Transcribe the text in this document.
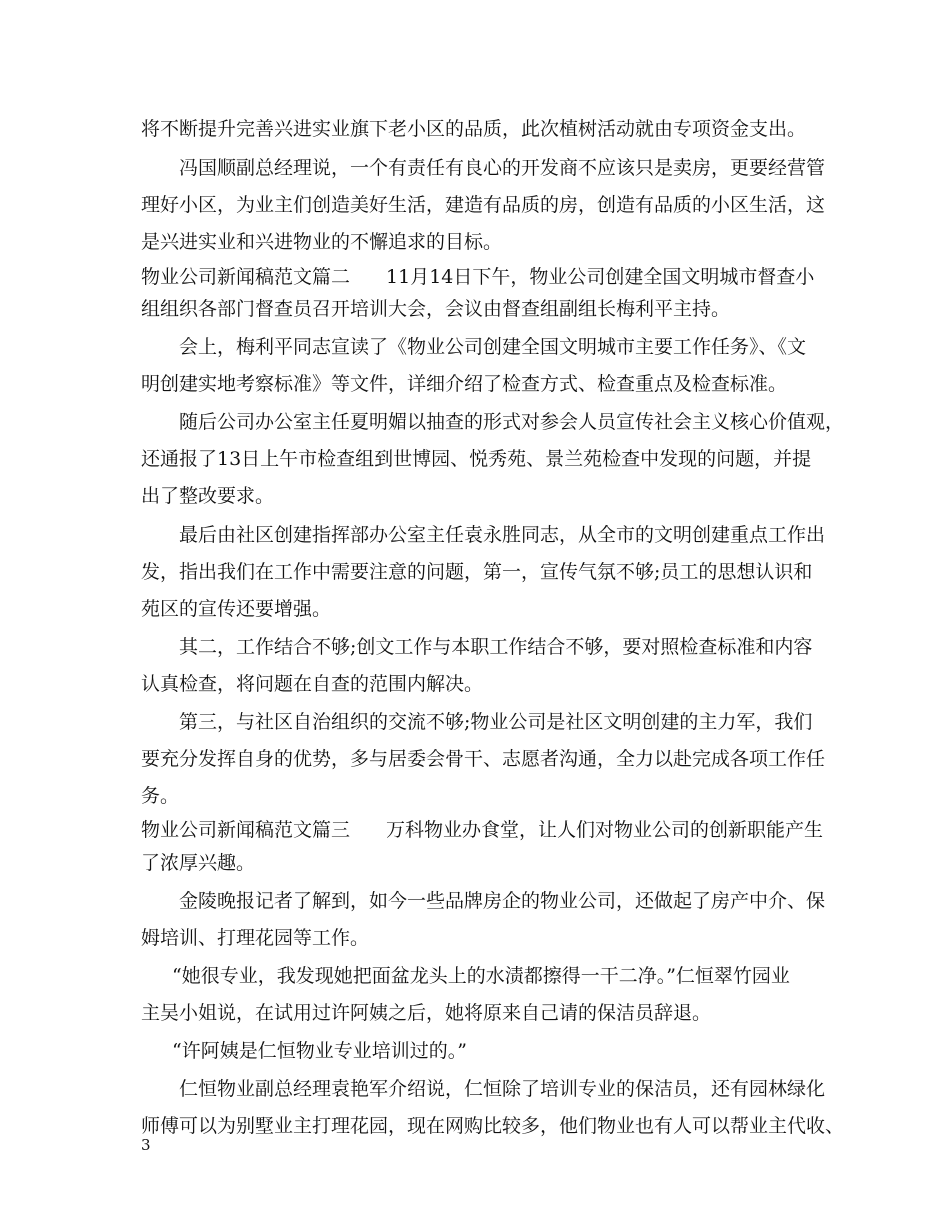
将不断提升完善兴进实业旗下老小区的品质，此次植树活动就由专项资金支出。
冯国顺副总经理说，一个有责任有良心的开发商不应该只是卖房，更要经营管
理好小区，为业主们创造美好生活，建造有品质的房，创造有品质的小区生活，这
是兴进实业和兴进物业的不懈追求的目标。
物业公司新闻稿范文篇二 11月14日下午，物业公司创建全国文明城市督查小
组组织各部门督查员召开培训大会，会议由督查组副组长梅利平主持。
会上，梅利平同志宣读了《物业公司创建全国文明城市主要工作任务》、《文
明创建实地考察标准》等文件，详细介绍了检查方式、检查重点及检查标准。
随后公司办公室主任夏明媚以抽查的形式对参会人员宣传社会主义核心价值观，
还通报了13日上午市检查组到世博园、悦秀苑、景兰苑检查中发现的问题，并提
出了整改要求。
最后由社区创建指挥部办公室主任袁永胜同志，从全市的文明创建重点工作出
发，指出我们在工作中需要注意的问题，第一，宣传气氛不够;员工的思想认识和
苑区的宣传还要增强。
其二，工作结合不够;创文工作与本职工作结合不够，要对照检查标准和内容
认真检查，将问题在自查的范围内解决。
第三，与社区自治组织的交流不够;物业公司是社区文明创建的主力军，我们
要充分发挥自身的优势，多与居委会骨干、志愿者沟通，全力以赴完成各项工作任
务。
物业公司新闻稿范文篇三 万科物业办食堂，让人们对物业公司的创新职能产生
了浓厚兴趣。
金陵晚报记者了解到，如今一些品牌房企的物业公司，还做起了房产中介、保
姆培训、打理花园等工作。
“她很专业，我发现她把面盆龙头上的水渍都擦得一干二净。”仁恒翠竹园业
主吴小姐说，在试用过许阿姨之后，她将原来自己请的保洁员辞退。
“许阿姨是仁恒物业专业培训过的。”
仁恒物业副总经理袁艳军介绍说，仁恒除了培训专业的保洁员，还有园林绿化
师傅可以为别墅业主打理花园，现在网购比较多，他们物业也有人可以帮业主代收、
3
